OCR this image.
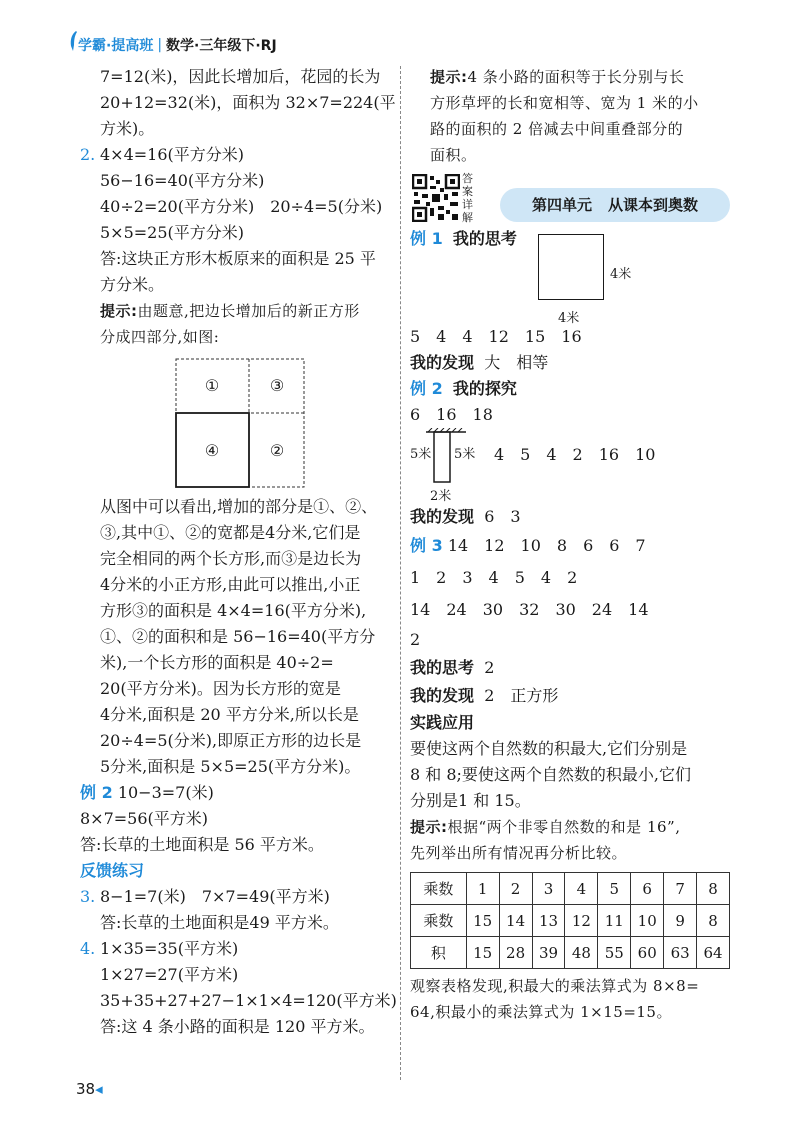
学霸·提高班 | 数学·三年级下·RJ
7=12(米)，因此长增加后，花园的长为
20+12=32(米)，面积为 32×7=224(平
方米)。
2. 4×4=16(平方分米)
56−16=40(平方分米)
40÷2=20(平方分米)　20÷4=5(分米)
5×5=25(平方分米)
答:这块正方形木板原来的面积是 25 平
方分米。
提示:由题意,把边长增加后的新正方形
分成四部分,如图:
①	③
④	②
从图中可以看出,增加的部分是①、②、
③,其中①、②的宽都是4分米,它们是
完全相同的两个长方形,而③是边长为
4分米的小正方形,由此可以推出,小正
方形③的面积是 4×4=16(平方分米),
①、②的面积和是 56−16=40(平方分
米),一个长方形的面积是 40÷2=
20(平方分米)。因为长方形的宽是
4分米,面积是 20 平方分米,所以长是
20÷4=5(分米),即原正方形的边长是
5分米,面积是 5×5=25(平方分米)。
例 2 10−3=7(米)
8×7=56(平方米)
答:长草的土地面积是 56 平方米。
反馈练习
3. 8−1=7(米)　7×7=49(平方米)
答:长草的土地面积是49 平方米。
4. 1×35=35(平方米)
1×27=27(平方米)
35+35+27+27−1×1×4=120(平方米)
答:这 4 条小路的面积是 120 平方米。
38◂
提示:4 条小路的面积等于长分别与长
方形草坪的长和宽相等、宽为 1 米的小
路的面积的 2 倍减去中间重叠部分的
面积。
答案详解
第四单元 从课本到奥数
例 1 我的思考
4米
4米
5　4　4　12　15　16
我的发现 大　相等
例 2 我的探究
6　16　18
5米 5米
2米
4　5　4　2　16　10
我的发现 6　3
例 3 14　12　10　8　6　6　7
1　2　3　4　5　4　2
14　24　30　32　30　24　14
2
我的思考 2
我的发现 2　正方形
实践应用
要使这两个自然数的积最大,它们分别是
8 和 8;要使这两个自然数的积最小,它们
分别是1 和 15。
提示:根据“两个非零自然数的和是 16”,
先列举出所有情况再分析比较。
乘数	1	2	3	4	5	6	7	8
乘数	15	14	13	12	11	10	9	8
积	15	28	39	48	55	60	63	64
观察表格发现,积最大的乘法算式为 8×8=
64,积最小的乘法算式为 1×15=15。
